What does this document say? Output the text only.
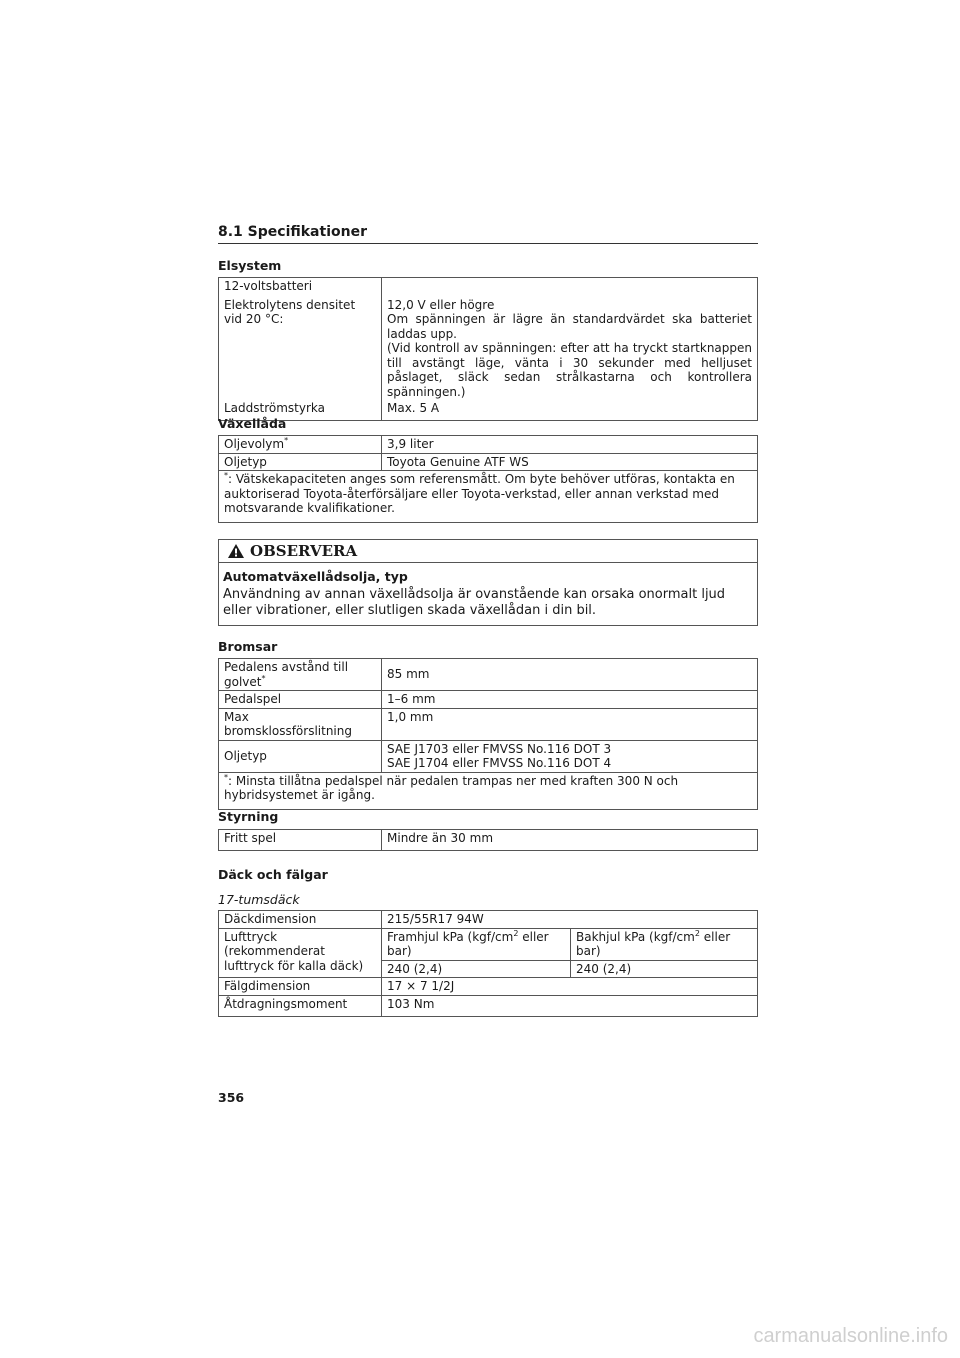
8.1 Specifikationer
Elsystem
12-voltsbatteri	
Elektrolytens densitet vid 20 °C:	12,0 V eller högre
Om spänningen är lägre än standardvärdet ska batteriet laddas upp.
(Vid kontroll av spänningen: efter att ha tryckt startknappen till avstängt läge, vänta i 30 sekunder med helljuset påslaget, släck sedan strålkastarna och kontrollera spänningen.)

Laddströmstyrka	Max. 5 A
Växellåda
Oljevolym*	3,9 liter
Oljetyp	Toyota Genuine ATF WS
*: Vätskekapaciteten anges som referensmått. Om byte behöver utföras, kontakta en auktoriserad Toyota-återförsäljare eller Toyota-verkstad, eller annan verkstad med motsvarande kvalifikationer.	
OBSERVERA
Automatväxellådsolja, typ
Användning av annan växellådsolja är ovanstående kan orsaka onormalt ljud eller vibrationer, eller slutligen skada växellådan i din bil.
Bromsar
Pedalens avstånd till golvet*	85 mm
Pedalspel	1–6 mm
Max bromsklossförslitning	1,0 mm
Oljetyp	SAE J1703 eller FMVSS No.116 DOT 3
SAE J1704 eller FMVSS No.116 DOT 4

*: Minsta tillåtna pedalspel när pedalen trampas ner med kraften 300 N och hybridsystemet är igång.	
Styrning
Fritt spel	Mindre än 30 mm
Däck och fälgar
17-tumsdäck
Däckdimension	215/55R17 94W	
Lufttryck (rekommenderat lufttryck för kalla däck)	Framhjul kPa ($kgf/cm^2$ eller bar)	Bakhjul kPa ($kgf/cm^2$ eller bar)
	240 (2,4)	240 (2,4)
Fälgdimension	17 × 7 1/2J	
Åtdragningsmoment	103 Nm	
356
carmanualsonline.info
